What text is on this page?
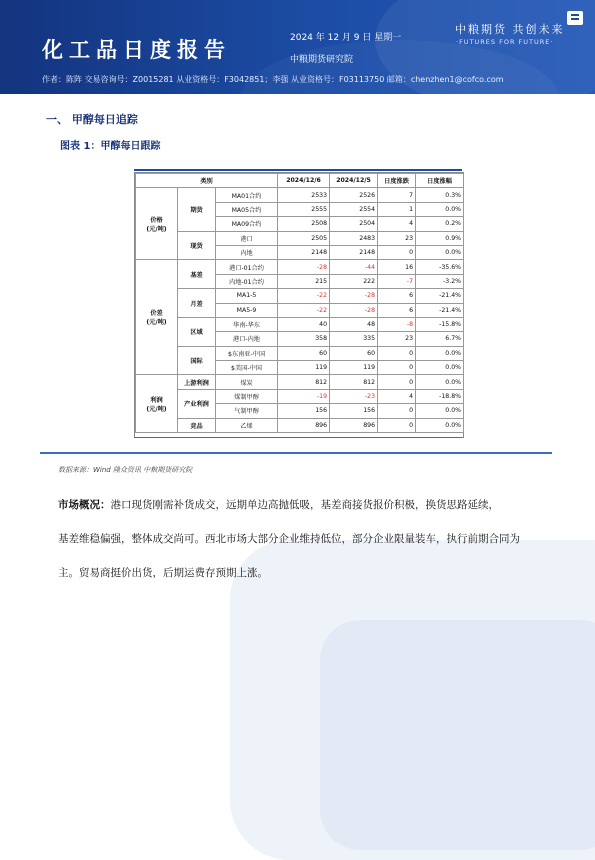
化工品日度报告	2024 年 12 月 9 日 星期一
中粮期货研究院
中粮期货 共创未来
·FUTURES FOR FUTURE·
作者：陈阵 交易咨询号：Z0015281 从业资格号：F3042851；李强 从业资格号：F03113750 邮箱：chenzhen1@cofco.com
一、 甲醇每日追踪
图表 1：甲醇每日跟踪
类别			2024/12/6	2024/12/5	日度涨跌	日度涨幅
价格
(元/吨)	期货	MA01合约	2533	2526	7	0.3%
		MA05合约	2555	2554	1	0.0%
		MA09合约	2508	2504	4	0.2%
	现货	港口	2505	2483	23	0.9%
		内地	2148	2148	0	0.0%
价差
(元/吨)	基差	港口-01合约	-28	-44	16	-35.6%
		内地-01合约	215	222	-7	-3.2%
	月差	MA1-5	-22	-28	6	-21.4%
		MA5-9	-22	-28	6	-21.4%
	区域	华南-华东	40	48	-8	-15.8%
		港口-内地	358	335	23	6.7%
	国际	$东南亚-中国	60	60	0	0.0%
		$美国-中国	119	119	0	0.0%
利润
(元/吨)	上游利润	煤炭	812	812	0	0.0%
	产业利润	煤制甲醇	-19	-23	4	-18.8%
		气制甲醇	156	156	0	0.0%
	竞品	乙烯	896	896	0	0.0%
数据来源：Wind 隆众资讯 中粮期货研究院
市场概况：港口现货刚需补货成交，远期单边高抛低吸，基差商接货报价积极，换货思路延续，
基差维稳偏强，整体成交尚可。西北市场大部分企业维持低位，部分企业限量装车，执行前期合同为
主。贸易商挺价出货，后期运费存预期上涨。
